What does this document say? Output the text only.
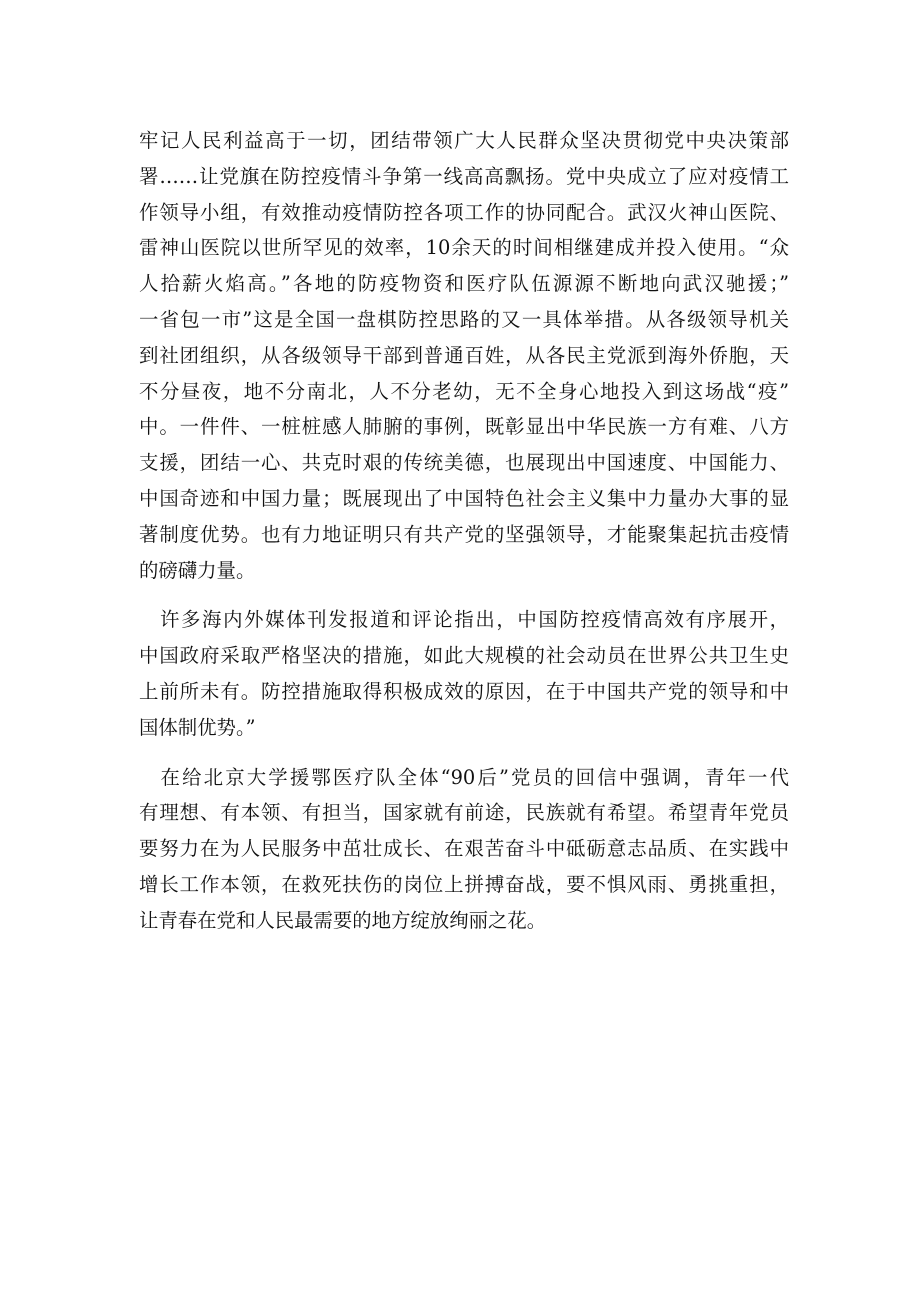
牢记人民利益高于一切，团结带领广大人民群众坚决贯彻党中央决策部
署……让党旗在防控疫情斗争第一线高高飘扬。党中央成立了应对疫情工
作领导小组，有效推动疫情防控各项工作的协同配合。武汉火神山医院、
雷神山医院以世所罕见的效率，10余天的时间相继建成并投入使用。“众
人拾薪火焰高。”各地的防疫物资和医疗队伍源源不断地向武汉驰援；”
一省包一市”这是全国一盘棋防控思路的又一具体举措。从各级领导机关
到社团组织，从各级领导干部到普通百姓，从各民主党派到海外侨胞，天
不分昼夜，地不分南北，人不分老幼，无不全身心地投入到这场战“疫”
中。一件件、一桩桩感人肺腑的事例，既彰显出中华民族一方有难、八方
支援，团结一心、共克时艰的传统美德，也展现出中国速度、中国能力、
中国奇迹和中国力量；既展现出了中国特色社会主义集中力量办大事的显
著制度优势。也有力地证明只有共产党的坚强领导，才能聚集起抗击疫情
的磅礴力量。
　许多海内外媒体刊发报道和评论指出，中国防控疫情高效有序展开，
中国政府采取严格坚决的措施，如此大规模的社会动员在世界公共卫生史
上前所未有。防控措施取得积极成效的原因，在于中国共产党的领导和中
国体制优势。”
　在给北京大学援鄂医疗队全体“90后”党员的回信中强调，青年一代
有理想、有本领、有担当，国家就有前途，民族就有希望。希望青年党员
要努力在为人民服务中茁壮成长、在艰苦奋斗中砥砺意志品质、在实践中
增长工作本领，在救死扶伤的岗位上拼搏奋战，要不惧风雨、勇挑重担，
让青春在党和人民最需要的地方绽放绚丽之花。
